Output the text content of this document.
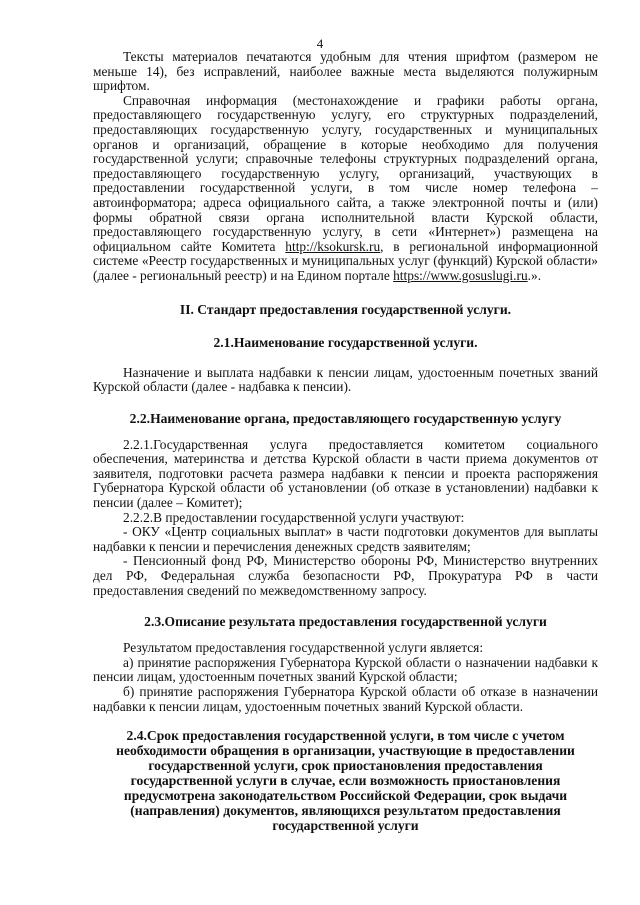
4

Тексты материалов печатаются удобным для чтения шрифтом (размером не меньше 14), без исправлений, наиболее важные места выделяются полужирным шрифтом.

Справочная информация (местонахождение и графики работы органа, предоставляющего государственную услугу, его структурных подразделений, предоставляющих государственную услугу, государственных и муниципальных органов и организаций, обращение в которые необходимо для получения государственной услуги; справочные телефоны структурных подразделений органа, предоставляющего государственную услугу, организаций, участвующих в предоставлении государственной услуги, в том числе номер телефона – автоинформатора; адреса официального сайта, а также электронной почты и (или) формы обратной связи органа исполнительной власти Курской области, предоставляющего государственную услугу, в сети «Интернет») размещена на официальном сайте Комитета http://ksokursk.ru, в региональной информационной системе «Реестр государственных и муниципальных услуг (функций) Курской области» (далее - региональный реестр) и на Едином портале https://www.gosuslugi.ru.».

II. Стандарт предоставления государственной услуги.
2.1.Наименование государственной услуги.

Назначение и выплата надбавки к пенсии лицам, удостоенным почетных званий Курской области (далее - надбавка к пенсии).

2.2.Наименование органа, предоставляющего государственную услугу

2.2.1.Государственная услуга предоставляется комитетом социального обеспечения, материнства и детства Курской области в части приема документов от заявителя, подготовки расчета размера надбавки к пенсии и проекта распоряжения Губернатора Курской области об установлении (об отказе в установлении) надбавки к пенсии (далее – Комитет);

2.2.2.В предоставлении государственной услуги участвуют:

- ОКУ «Центр социальных выплат» в части подготовки документов для выплаты надбавки к пенсии и перечисления денежных средств заявителям;

- Пенсионный фонд РФ, Министерство обороны РФ, Министерство внутренних дел РФ, Федеральная служба безопасности РФ, Прокуратура РФ в части предоставления сведений по межведомственному запросу.

2.3.Описание результата предоставления государственной услуги

Результатом предоставления государственной услуги является:

а) принятие распоряжения Губернатора Курской области о назначении надбавки к пенсии лицам, удостоенным почетных званий Курской области;

б) принятие распоряжения Губернатора Курской области об отказе в назначении надбавки к пенсии лицам, удостоенным почетных званий Курской области.

2.4.Срок предоставления государственной услуги, в том числе с учетом необходимости обращения в организации, участвующие в предоставлении государственной услуги, срок приостановления предоставления государственной услуги в случае, если возможность приостановления предусмотрена законодательством Российской Федерации, срок выдачи (направления) документов, являющихся результатом предоставления государственной услуги
